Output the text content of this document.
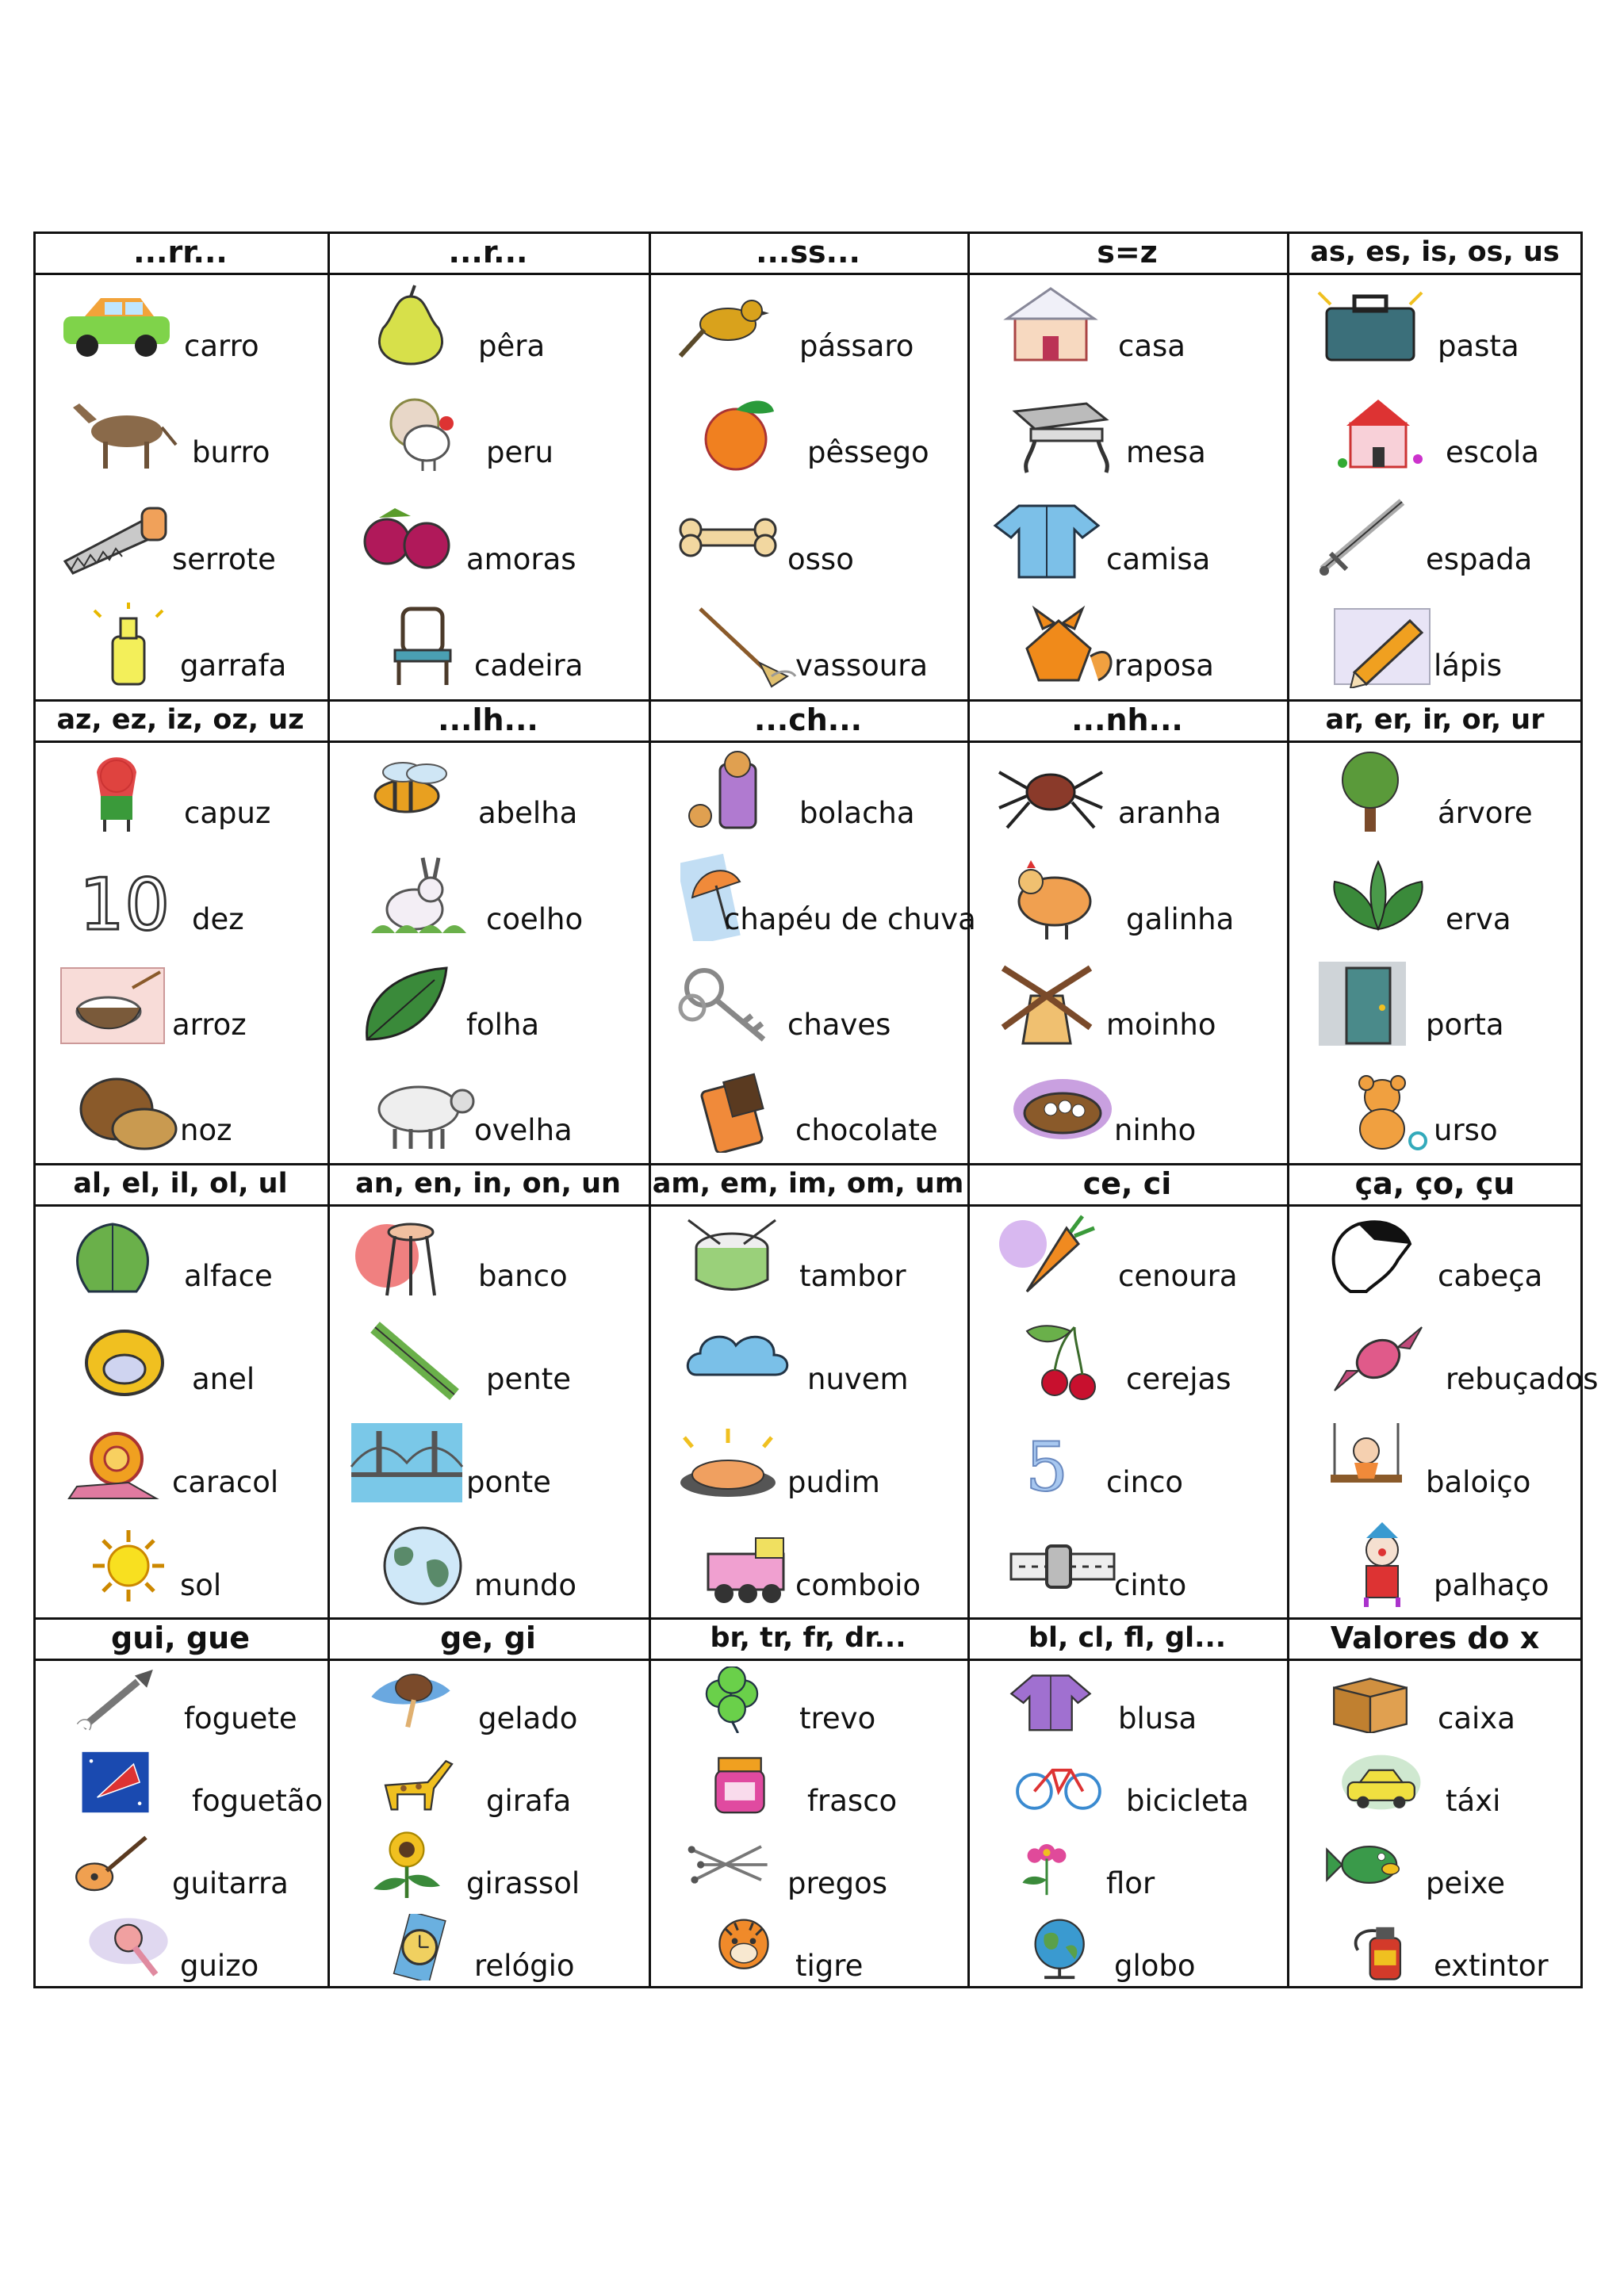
...rr...
carro
burro
serrote
garrafa
...r...
pêra
peru
amoras
cadeira
...ss...
pássaro
pêssego
osso
vassoura
s=z
casa
mesa
camisa
raposa
as, es, is, os, us
pasta
escola
espada
lápis
az, ez, iz, oz, uz
capuz
10 dez
arroz
noz
...lh...
abelha
coelho
folha
ovelha
...ch...
bolacha
chapéu de chuva
chaves
chocolate
...nh...
aranha
galinha
moinho
ninho
ar, er, ir, or, ur
árvore
erva
porta
urso
al, el, il, ol, ul
alface
anel
caracol
sol
an, en, in, on, un
banco
pente
ponte
mundo
am, em, im, om, um
tambor
nuvem
pudim
comboio
ce, ci
cenoura
cerejas
5 cinco
cinto
ça, ço, çu
cabeça
rebuçados
baloiço
palhaço
gui, gue
foguete
foguetão
guitarra
guizo
ge, gi
gelado
girafa
girassol
relógio
br, tr, fr, dr...
trevo
frasco
pregos
tigre
bl, cl, fl, gl...
blusa
bicicleta
flor
globo
Valores do x
caixa
táxi
peixe
extintor
